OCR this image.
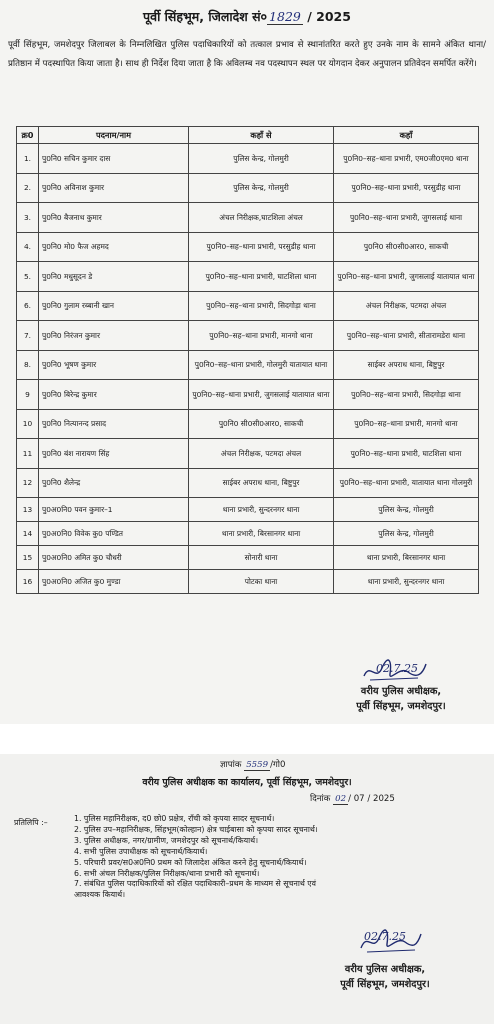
पूर्वी सिंहभूम, जिलादेश सं० 1829 / 2025
पूर्वी सिंहभूम, जमशेदपुर जिलाबल के निम्नलिखित पुलिस पदाधिकारियों को तत्काल प्रभाव से स्थानांतरित करते हुए उनके नाम के सामने अंकित थाना/प्रतिष्ठान में पदस्थापित किया जाता है। साथ ही निर्देश दिया जाता है कि अविलम्ब नव पदस्थापन स्थल पर योगदान देकर अनुपालन प्रतिवेदन समर्पित करेंगे।
क्र0	पदनाम/नाम	कहाँ से	कहाँ
1.	पु0नि0 सचिन कुमार दास	पुलिस केन्द्र, गोलमुरी	पु0नि0–सह–थाना प्रभारी, एम0जी0एम0 थाना
2.	पु0नि0 अविनाश कुमार	पुलिस केन्द्र, गोलमुरी	पु0नि0–सह–थाना प्रभारी, परसुडीह थाना
3.	पु0नि0 बैजनाथ कुमार	अंचल निरीक्षक,घाटशिला अंचल	पु0नि0–सह–थाना प्रभारी, जुगसलाई थाना
4.	पु0नि0 मो0 फैज अहमद	पु0नि0–सह–थाना प्रभारी, परसुडीह थाना	पु0नि0 सी0सी0आर0, साकची
5.	पु0नि0 मधुसूदन डे	पु0नि0–सह–थाना प्रभारी, घाटशिला थाना	पु0नि0–सह–थाना प्रभारी, जुगसलाई यातायात थाना
6.	पु0नि0 गुलाम रब्बानी खान	पु0नि0–सह–थाना प्रभारी, सिदगोड़ा थाना	अंचल निरीक्षक, पटमदा अंचल
7.	पु0नि0 निरंजन कुमार	पु0नि0–सह–थाना प्रभारी, मानगो थाना	पु0नि0–सह–थाना प्रभारी, सीतारामडेरा थाना
8.	पु0नि0 भूषण कुमार	पु0नि0–सह–थाना प्रभारी, गोलमुरी यातायात थाना	साईबर अपराध थाना, बिष्टुपुर
9	पु0नि0 बिरेन्द्र कुमार	पु0नि0–सह–थाना प्रभारी, जुगसलाई यातायात थाना	पु0नि0–सह–थाना प्रभारी, सिदगोड़ा थाना
10	पु0नि0 नित्यानन्द प्रसाद	पु0नि0 सी0सी0आर0, साकची	पु0नि0–सह–थाना प्रभारी, मानगो थाना
11	पु0नि0 बंश नारायण सिंह	अंचल निरीक्षक, पटमदा अंचल	पु0नि0–सह–थाना प्रभारी, घाटशिला थाना
12	पु0नि0 शैलेन्द्र	साईबर अपराध थाना, बिष्टुपुर	पु0नि0–सह–थाना प्रभारी, यातायात थाना गोलमुरी
13	पु0अ0नि0 पवन कुमार–1	थाना प्रभारी, सुन्दरनगर थाना	पुलिस केन्द्र, गोलमुरी
14	पु0अ0नि0 विवेक कु0 पण्डित	थाना प्रभारी, बिरसानगर थाना	पुलिस केन्द्र, गोलमुरी
15	पु0अ0नि0 अमित कु0 चौधरी	सोनारी थाना	थाना प्रभारी, बिरसानगर थाना
16	पु0अ0नि0 अजित कु0 मुण्डा	पोटका थाना	थाना प्रभारी, सुन्दरनगर थाना
02.7.25
वरीय पुलिस अधीक्षक,
पूर्वी सिंहभूम, जमशेदपुर।
ज्ञापांक 5559 /गो0
वरीय पुलिस अधीक्षक का कार्यालय, पूर्वी सिंहभूम, जमशेदपुर।
दिनांक 02 / 07 / 2025
प्रतिलिपि :–	1. पुलिस महानिरीक्षक, द0 छो0 प्रक्षेत्र, राँची को कृपया सादर सूचनार्थ।
2. पुलिस उप–महानिरीक्षक, सिंहभूम(कोल्हान) क्षेत्र चाईबासा को कृपया सादर सूचनार्थ।
3. पुलिस अधीक्षक, नगर/ग्रामीण, जमशेदपुर को सूचनार्थ/कियार्थ।
4. सभी पुलिस उपाधीक्षक को सूचनार्थ/कियार्थ।
5. परिचारी प्रवर/स0अ0नि0 प्रथम को जिलादेश अंकित करने हेतु सूचनार्थ/कियार्थ।
6. सभी अंचल निरीक्षक/पुलिस निरीक्षक/थाना प्रभारी को सूचनार्थ।
7. संबंधित पुलिस पदाधिकारियों को रक्षित पदाधिकारी–प्रथम के माध्यम से सूचनार्थ एवं
आवश्यक कियार्थ।
02.7.25
वरीय पुलिस अधीक्षक,
पूर्वी सिंहभूम, जमशेदपुर।
